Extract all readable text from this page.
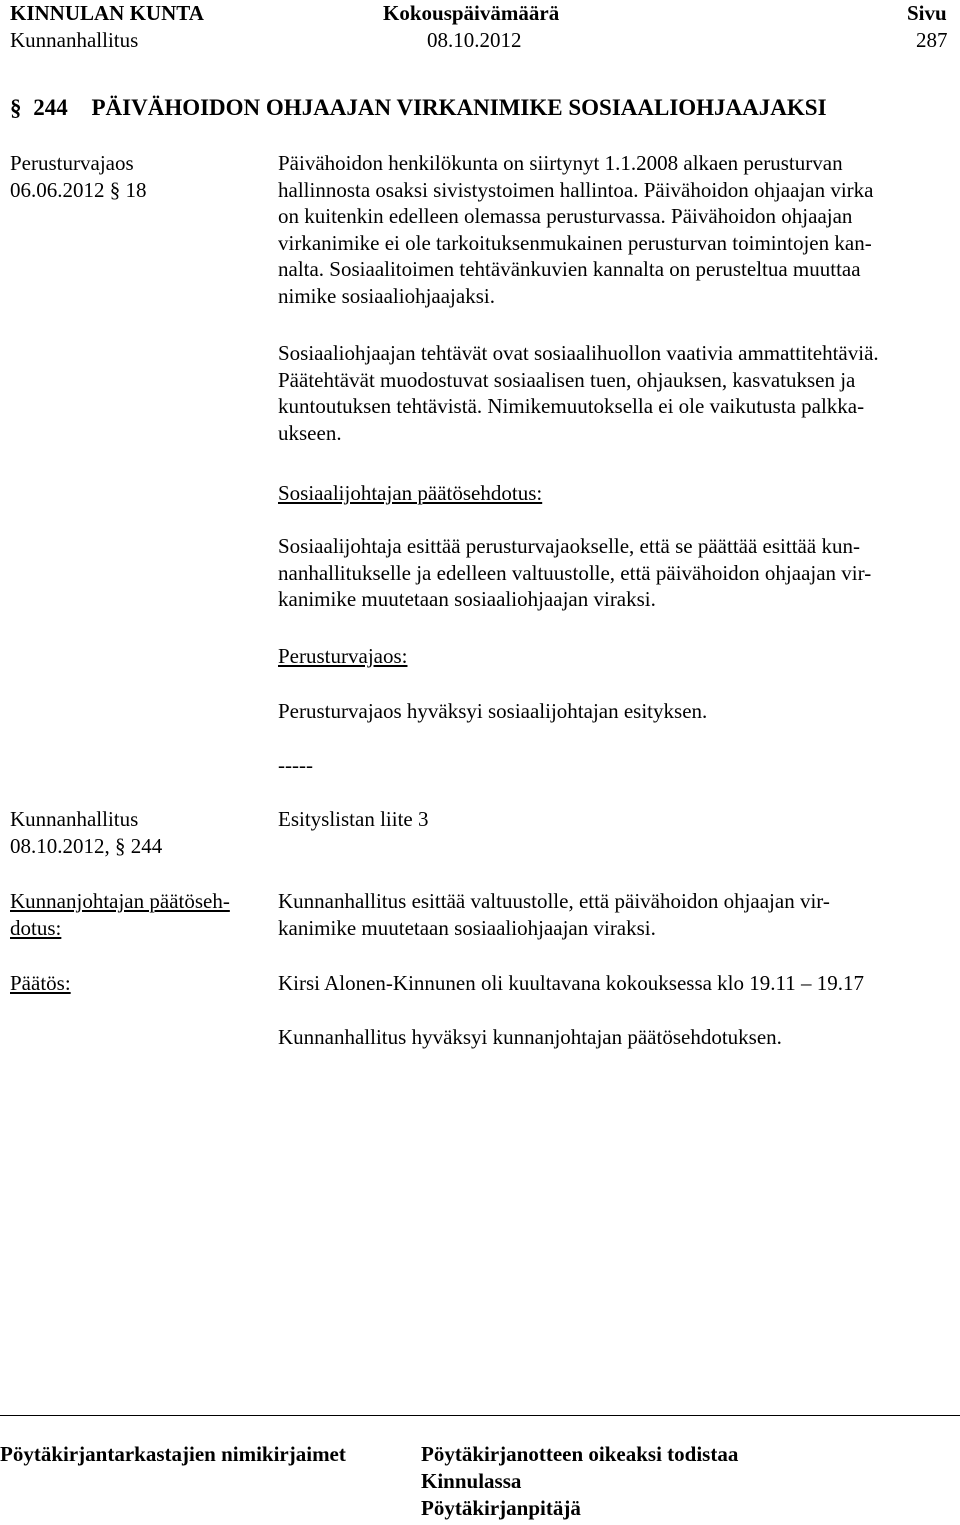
KINNULAN KUNTA
Kunnanhallitus
Kokouspäivämäärä
08.10.2012
Sivu
287
§ 244 PÄIVÄHOIDON OHJAAJAN VIRKANIMIKE SOSIAALIOHJAAJAKSI
Perusturvajaos
06.06.2012 § 18
Päivähoidon henkilökunta on siirtynyt 1.1.2008 alkaen perusturvan
hallinnosta osaksi sivistystoimen hallintoa. Päivähoidon ohjaajan virka
on kuitenkin edelleen olemassa perusturvassa. Päivähoidon ohjaajan
virkanimike ei ole tarkoituksenmukainen perusturvan toimintojen kan-
nalta. Sosiaalitoimen tehtävänkuvien kannalta on perusteltua muuttaa
nimike sosiaaliohjaajaksi.
Sosiaaliohjaajan tehtävät ovat sosiaalihuollon vaativia ammattitehtäviä.
Päätehtävät muodostuvat sosiaalisen tuen, ohjauksen, kasvatuksen ja
kuntoutuksen tehtävistä. Nimikemuutoksella ei ole vaikutusta palkka-
ukseen.
Sosiaalijohtajan päätösehdotus:
Sosiaalijohtaja esittää perusturvajaokselle, että se päättää esittää kun-
nanhallitukselle ja edelleen valtuustolle, että päivähoidon ohjaajan vir-
kanimike muutetaan sosiaaliohjaajan viraksi.
Perusturvajaos:
Perusturvajaos hyväksyi sosiaalijohtajan esityksen.
-----
Kunnanhallitus
08.10.2012, § 244
Esityslistan liite 3
Kunnanjohtajan päätöseh-
dotus:
Kunnanhallitus esittää valtuustolle, että päivähoidon ohjaajan vir-
kanimike muutetaan sosiaaliohjaajan viraksi.
Päätös:	Kirsi Alonen-Kinnunen oli kuultavana kokouksessa klo 19.11 – 19.17
Kunnanhallitus hyväksyi kunnanjohtajan päätösehdotuksen.
Pöytäkirjantarkastajien nimikirjaimet	Pöytäkirjanotteen oikeaksi todistaa
Kinnulassa
Pöytäkirjanpitäjä
